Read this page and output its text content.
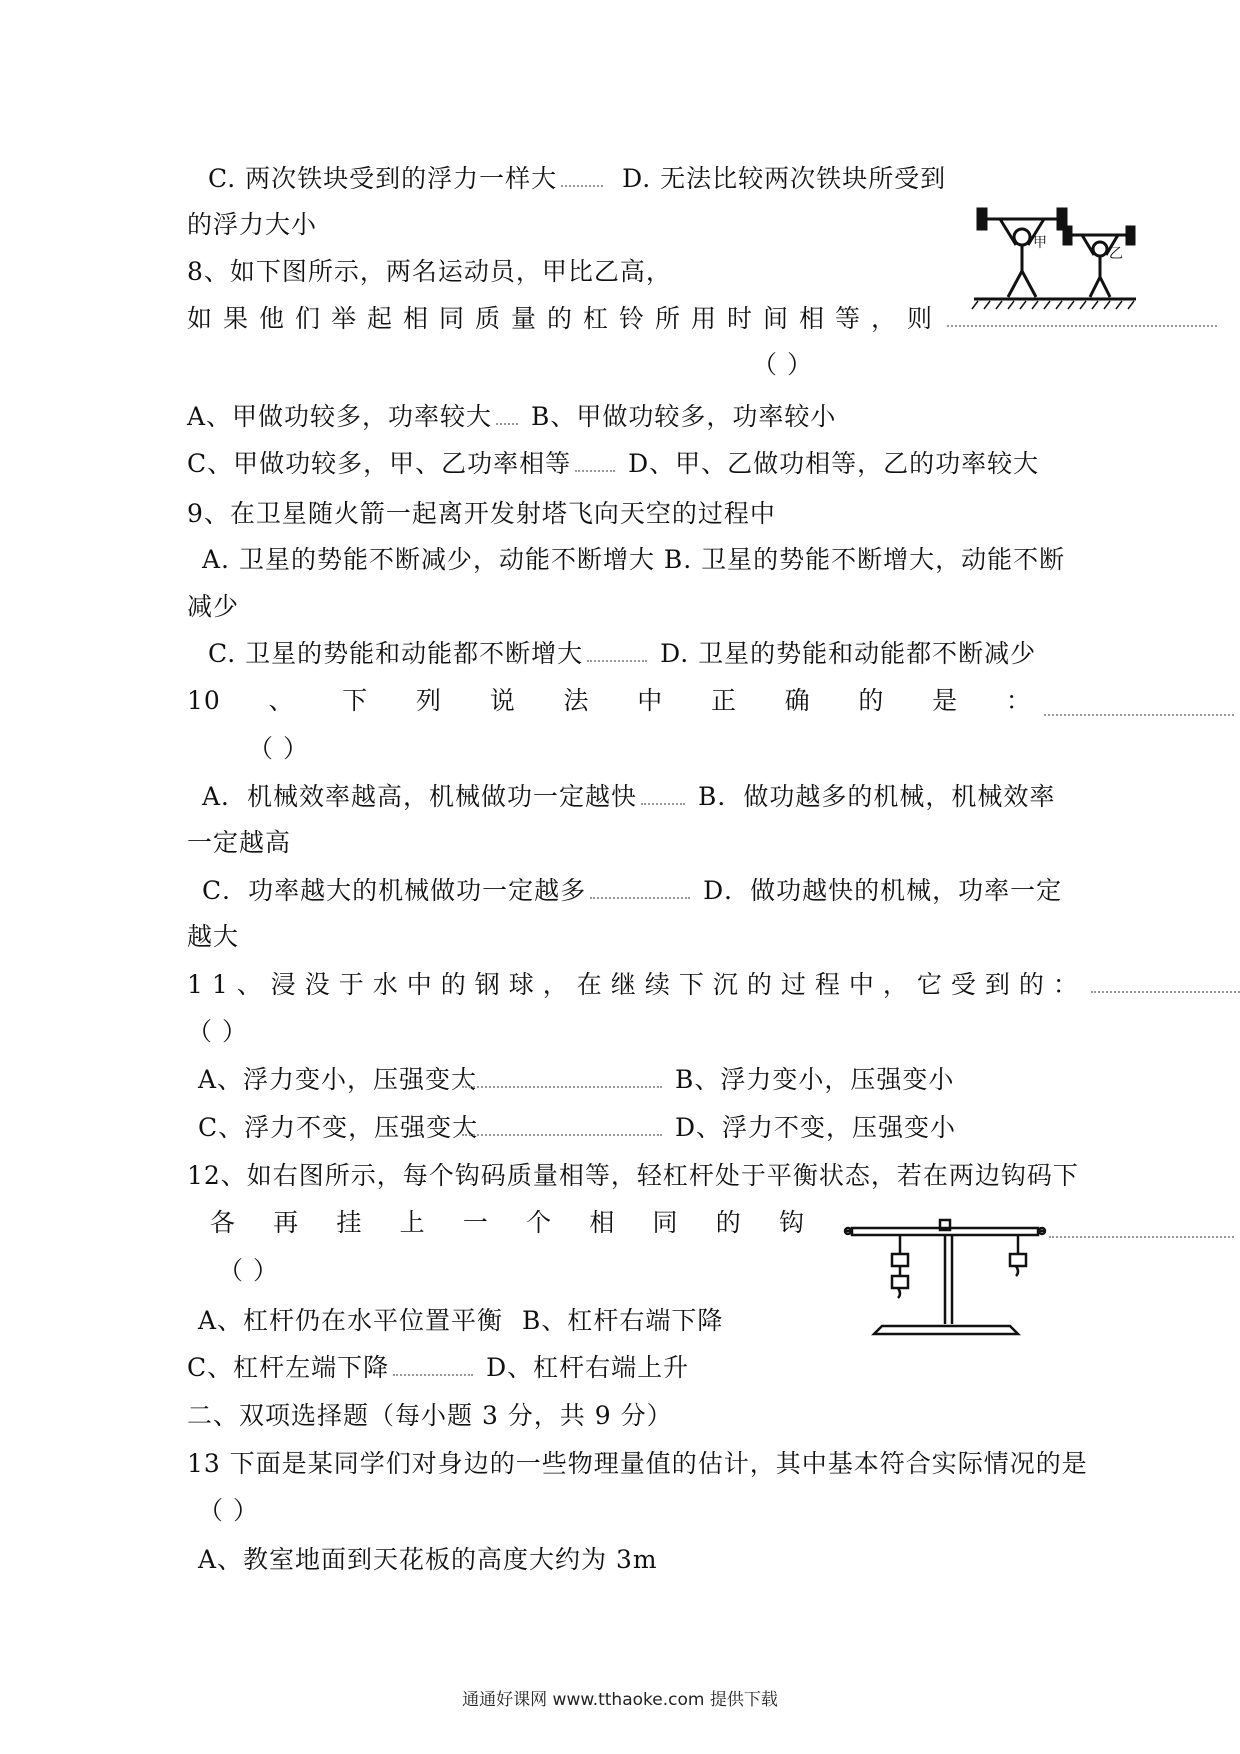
C. 两次铁块受到的浮力一样大	D. 无法比较两次铁块所受到
的浮力大小
8、如下图所示，两名运动员，甲比乙高，
如果他们举起相同质量的杠铃所用时间相等，则
（ ）
A、甲做功较多，功率较大 B、甲做功较多，功率较小
C、甲做功较多，甲、乙功率相等 D、甲、乙做功相等，乙的功率较大
甲
乙
9、在卫星随火箭一起离开发射塔飞向天空的过程中
A. 卫星的势能不断减少，动能不断增大 B. 卫星的势能不断增大，动能不断
减少
C. 卫星的势能和动能都不断增大	D. 卫星的势能和动能都不断减少
10 、 下 列 说 法 中 正 确 的 是 ：
（ ）
A．机械效率越高，机械做功一定越快 B．做功越多的机械，机械效率
一定越高
C．功率越大的机械做功一定越多	D．做功越快的机械，功率一定
越大
11、浸没于水中的钢球，在继续下沉的过程中，它受到的：
（ ）
A、浮力变小，压强变大	B、浮力变小，压强变小
C、浮力不变，压强变大	D、浮力不变，压强变小
12、如右图所示，每个钩码质量相等，轻杠杆处于平衡状态，若在两边钩码下
各 再 挂 上 一 个 相 同 的 钩
（ ）
A、杠杆仍在水平位置平衡 B、杠杆右端下降
C、杠杆左端下降	D、杠杆右端上升
二、双项选择题（每小题 3 分，共 9 分）
13 下面是某同学们对身边的一些物理量值的估计，其中基本符合实际情况的是
（ ）
A、教室地面到天花板的高度大约为 3m
通通好课网 www.tthaoke.com 提供下载
